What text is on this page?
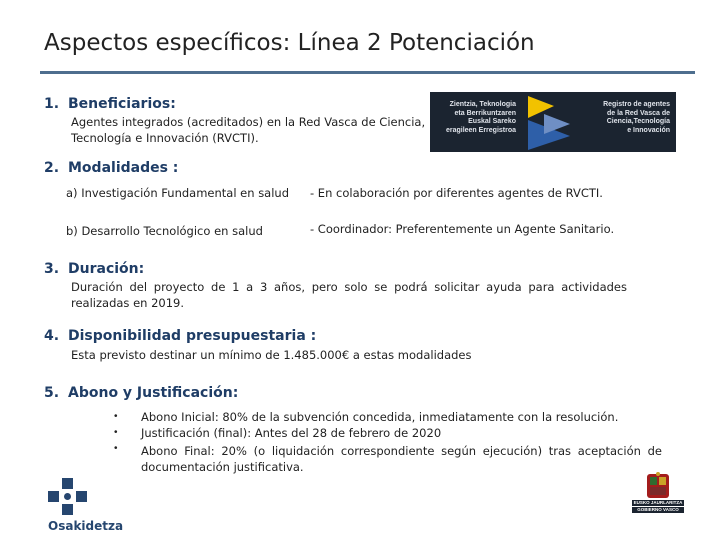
Aspectos específicos: Línea 2 Potenciación
1. Beneficiarios:
Agentes integrados (acreditados) en la Red Vasca de Ciencia,
Tecnología e Innovación (RVCTI).
Zientzia, Teknologia
eta Berrikuntzaren
Euskal Sareko
eragileen Erregistroa
Registro de agentes
de la Red Vasca de
Ciencia,Tecnología
e Innovación
2. Modalidades :
a) Investigación Fundamental en salud - En colaboración por diferentes agentes de RVCTI.
b) Desarrollo Tecnológico en salud	- Coordinador: Preferentemente un Agente Sanitario.
3. Duración:
Duración del proyecto de 1 a 3 años, pero solo se podrá solicitar ayuda para actividades
realizadas en 2019.
4. Disponibilidad presupuestaria :
Esta previsto destinar un mínimo de 1.485.000€ a estas modalidades
5. Abono y Justificación:
•
•
•
Abono Inicial: 80% de la subvención concedida, inmediatamente con la resolución.
Justificación (final): Antes del 28 de febrero de 2020
Abono Final: 20% (o liquidación correspondiente según ejecución) tras aceptación de
documentación justificativa.
Osakidetza
EUSKO JAURLARITZA
GOBIERNO VASCO
